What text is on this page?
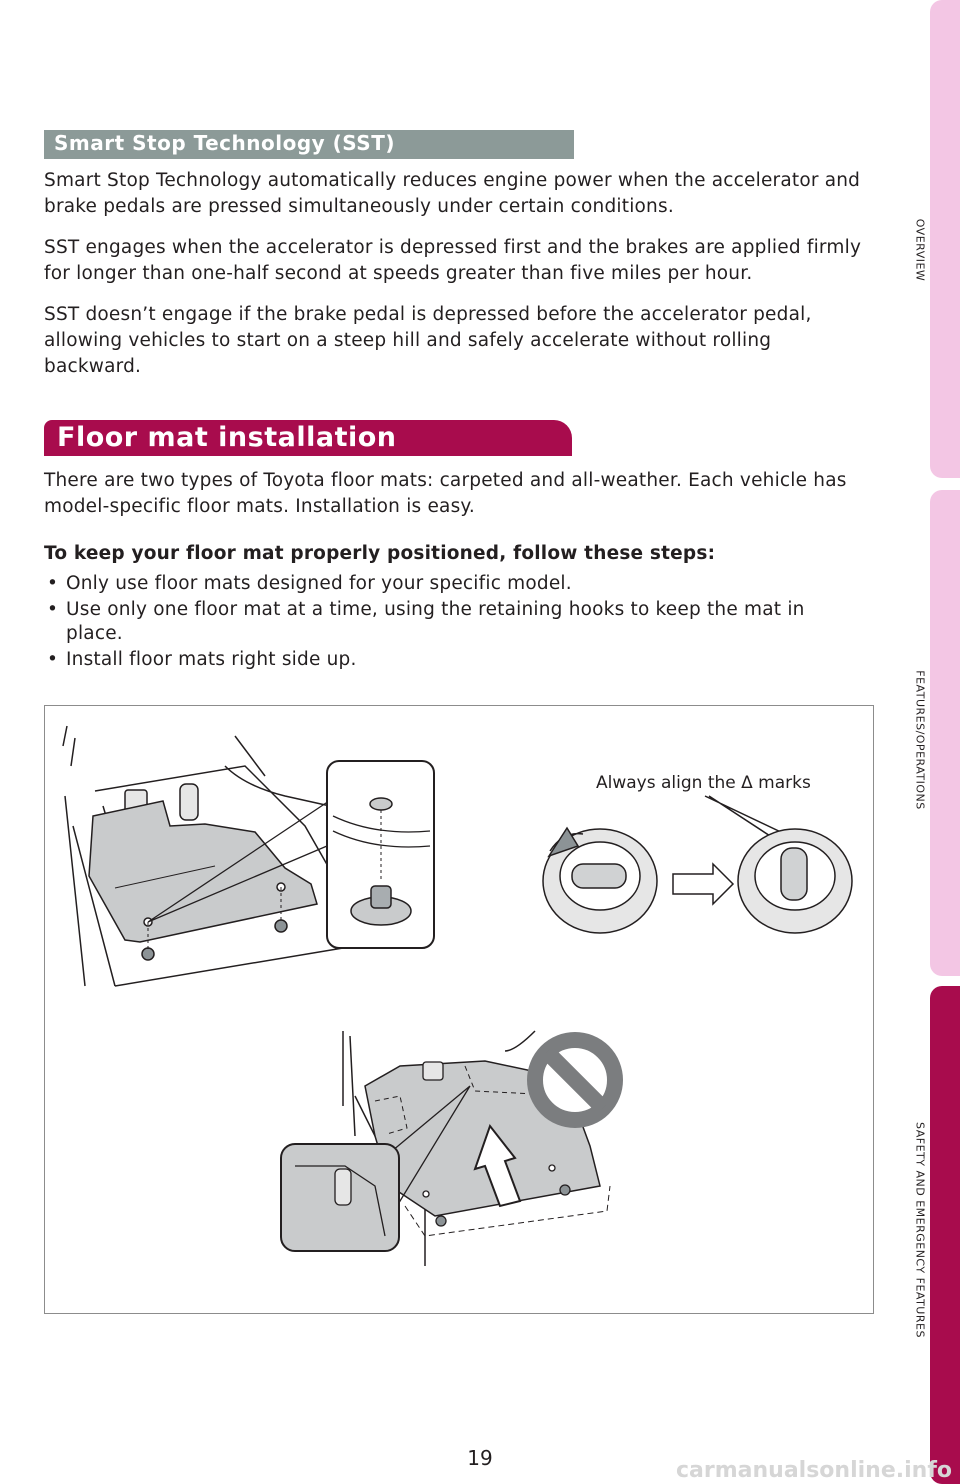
Smart Stop Technology (SST)

Smart Stop Technology automatically reduces engine power when the accelerator and brake pedals are pressed simultaneously under certain conditions.

SST engages when the accelerator is depressed first and the brakes are applied firmly for longer than one-half second at speeds greater than five miles per hour.

SST doesn’t engage if the brake pedal is depressed before the accelerator pedal, allowing vehicles to start on a steep hill and safely accelerate without rolling backward.

Floor mat installation

There are two types of Toyota floor mats: carpeted and all-weather. Each vehicle has model-specific floor mats. Installation is easy.

To keep your floor mat properly positioned, follow these steps:

• Only use floor mats designed for your specific model.
• Use only one floor mat at a time, using the retaining hooks to keep the mat in place.
• Install floor mats right side up.
Always align the Δ marks
OVERVIEW
FEATURES/OPERATIONS
SAFETY AND EMERGENCY FEATURES
19	carmanualsonline.info
